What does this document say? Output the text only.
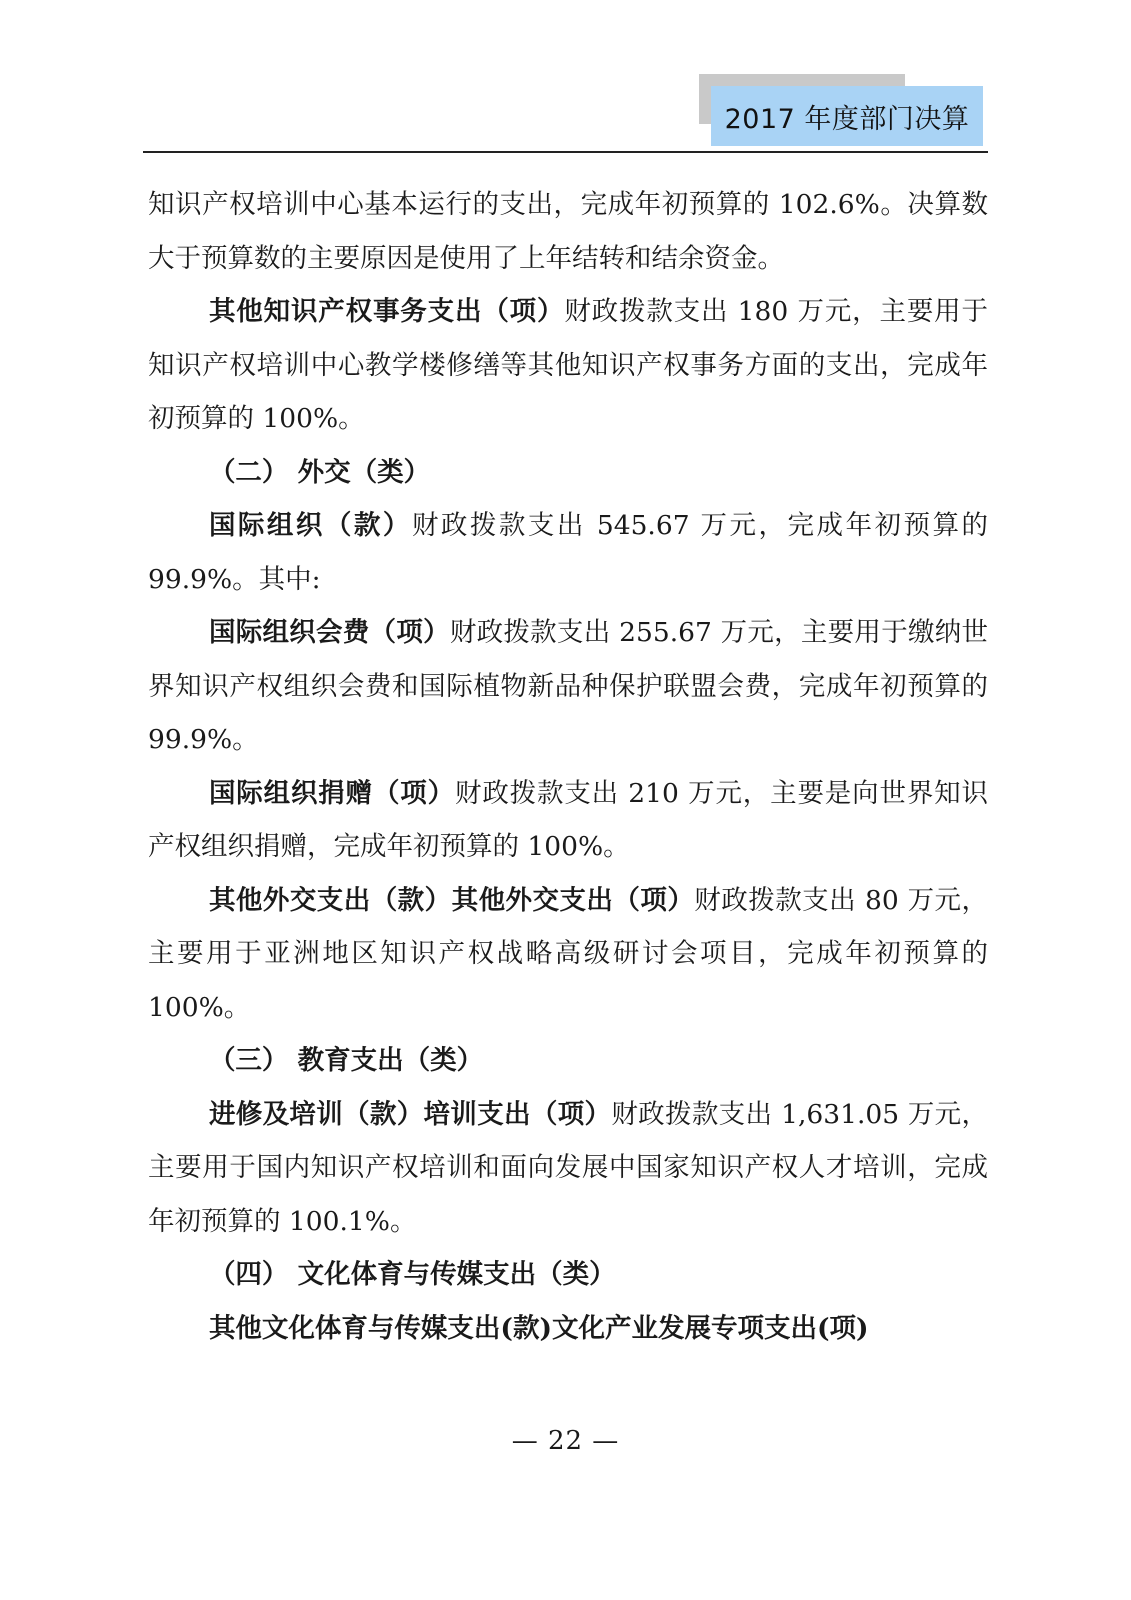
2017 年度部门决算

知识产权培训中心基本运行的支出，完成年初预算的 102.6%。决算数大于预算数的主要原因是使用了上年结转和结余资金。

其他知识产权事务支出（项）财政拨款支出 180 万元，主要用于知识产权培训中心教学楼修缮等其他知识产权事务方面的支出，完成年初预算的 100%。

（二） 外交（类）

国际组织（款）财政拨款支出 545.67 万元，完成年初预算的 99.9%。其中:

国际组织会费（项）财政拨款支出 255.67 万元，主要用于缴纳世界知识产权组织会费和国际植物新品种保护联盟会费，完成年初预算的 99.9%。

国际组织捐赠（项）财政拨款支出 210 万元，主要是向世界知识产权组织捐赠，完成年初预算的 100%。

其他外交支出（款）其他外交支出（项）财政拨款支出 80 万元，主要用于亚洲地区知识产权战略高级研讨会项目，完成年初预算的 100%。

（三） 教育支出（类）

进修及培训（款）培训支出（项）财政拨款支出 1,631.05 万元，主要用于国内知识产权培训和面向发展中国家知识产权人才培训，完成年初预算的 100.1%。

（四） 文化体育与传媒支出（类）

其他文化体育与传媒支出(款)文化产业发展专项支出(项)

— 22 —
